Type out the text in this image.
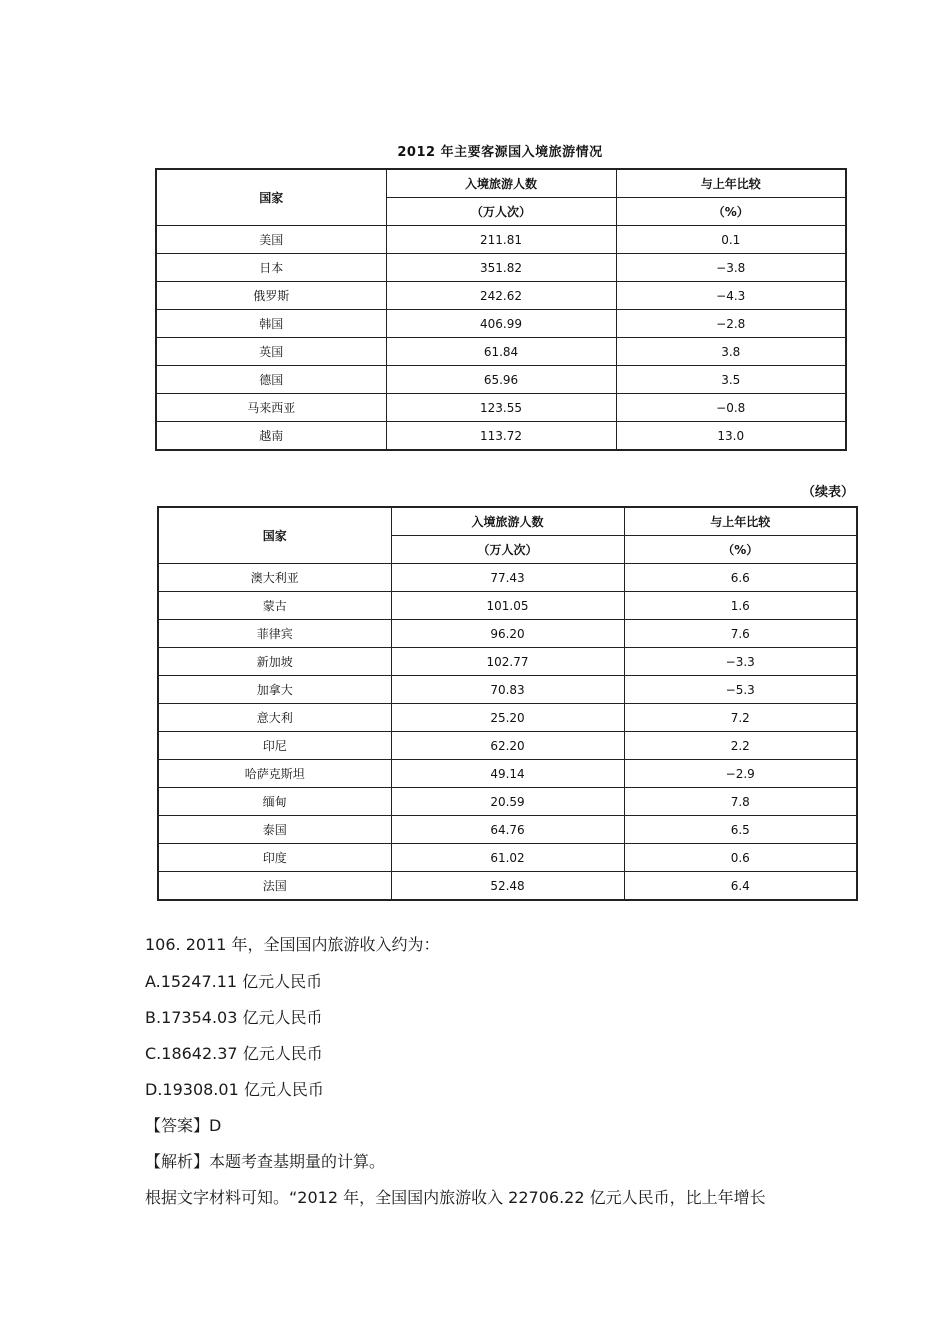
2012 年主要客源国入境旅游情况
国家	入境旅游人数	与上年比较
	（万人次）	（%）
美国	211.81	0.1
日本	351.82	−3.8
俄罗斯	242.62	−4.3
韩国	406.99	−2.8
英国	61.84	3.8
德国	65.96	3.5
马来西亚	123.55	−0.8
越南	113.72	13.0
（续表）
国家	入境旅游人数	与上年比较
	（万人次）	（%）
澳大利亚	77.43	6.6
蒙古	101.05	1.6
菲律宾	96.20	7.6
新加坡	102.77	−3.3
加拿大	70.83	−5.3
意大利	25.20	7.2
印尼	62.20	2.2
哈萨克斯坦	49.14	−2.9
缅甸	20.59	7.8
泰国	64.76	6.5
印度	61.02	0.6
法国	52.48	6.4
106. 2011 年，全国国内旅游收入约为：
A.15247.11 亿元人民币
B.17354.03 亿元人民币
C.18642.37 亿元人民币
D.19308.01 亿元人民币
【答案】D
【解析】本题考查基期量的计算。
根据文字材料可知。“2012 年，全国国内旅游收入 22706.22 亿元人民币，比上年增长
